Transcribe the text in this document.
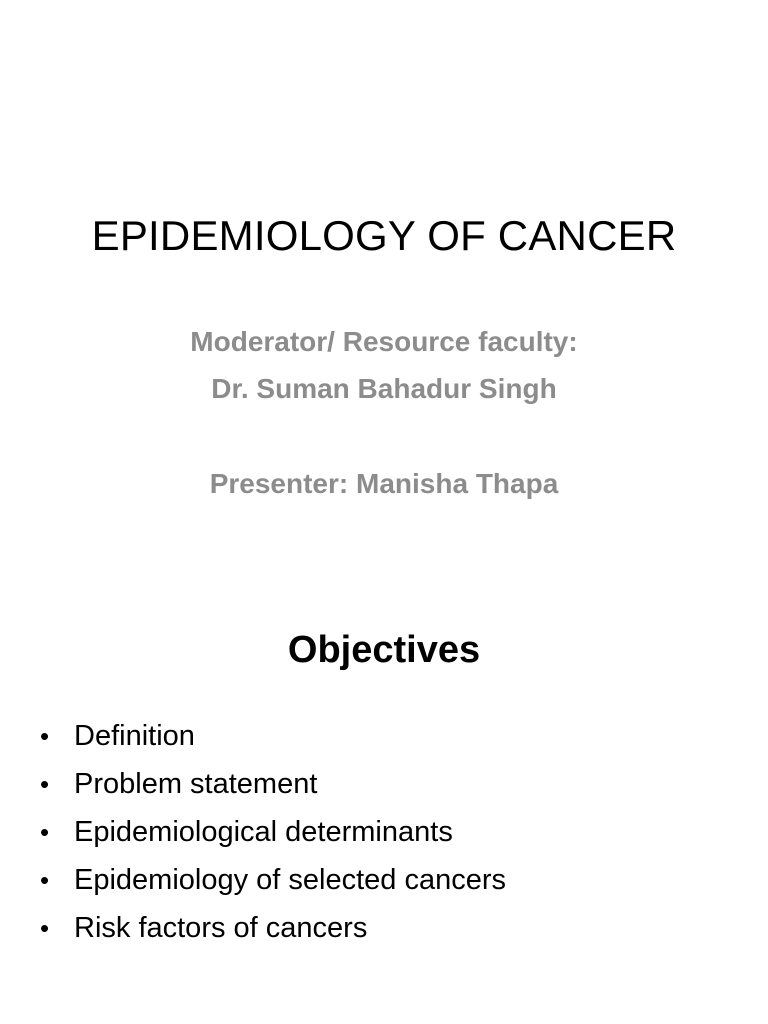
EPIDEMIOLOGY OF CANCER
Moderator/ Resource faculty:
Dr. Suman Bahadur Singh
Presenter: Manisha Thapa
Objectives
• Definition
• Problem statement
• Epidemiological determinants
• Epidemiology of selected cancers
• Risk factors of cancers
